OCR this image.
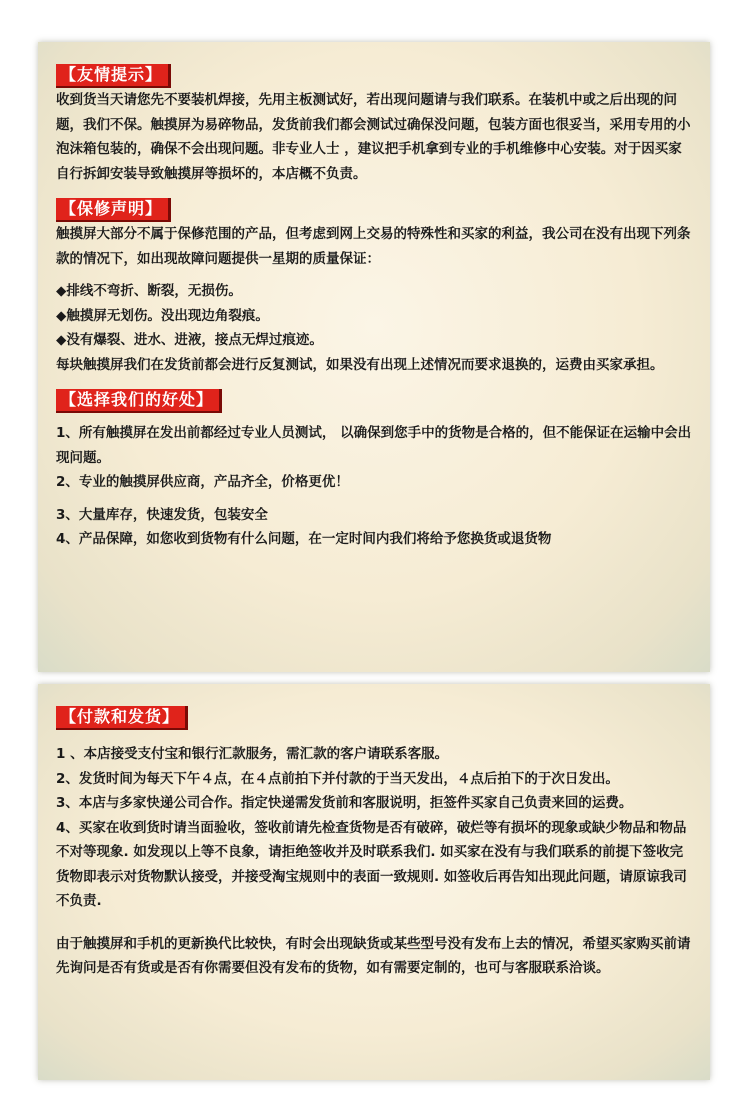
【友情提示】

收到货当天请您先不要装机焊接，先用主板测试好，若出现问题请与我们联系。在装机中或之后出现的问题，我们不保。触摸屏为易碎物品，发货前我们都会测试过确保没问题，包装方面也很妥当，采用专用的小泡沫箱包装的，确保不会出现问题。非专业人士 ，建议把手机拿到专业的手机维修中心安装。对于因买家自行拆卸安装导致触摸屏等损坏的，本店概不负责。

【保修声明】

触摸屏大部分不属于保修范围的产品，但考虑到网上交易的特殊性和买家的利益，我公司在没有出现下列条款的情况下，如出现故障问题提供一星期的质量保证：

◆排线不弯折、断裂，无损伤。

◆触摸屏无划伤。没出现边角裂痕。

◆没有爆裂、进水、进液，接点无焊过痕迹。

每块触摸屏我们在发货前都会进行反复测试，如果没有出现上述情况而要求退换的，运费由买家承担。

【选择我们的好处】

1、所有触摸屏在发出前都经过专业人员测试， 以确保到您手中的货物是合格的，但不能保证在运输中会出现问题。

2、专业的触摸屏供应商，产品齐全，价格更优！

3、大量库存，快速发货，包装安全

4、产品保障，如您收到货物有什么问题，在一定时间内我们将给予您换货或退货物

【付款和发货】

1 、本店接受支付宝和银行汇款服务，需汇款的客户请联系客服。

2、发货时间为每天下午４点，在４点前拍下并付款的于当天发出，４点后拍下的于次日发出。

3、本店与多家快递公司合作。指定快递需发货前和客服说明，拒签件买家自己负责来回的运费。

4、买家在收到货时请当面验收，签收前请先检查货物是否有破碎，破烂等有损坏的现象或缺少物品和物品不对等现象. 如发现以上等不良象，请拒绝签收并及时联系我们. 如买家在没有与我们联系的前提下签收完货物即表示对货物默认接受，并接受淘宝规则中的表面一致规则. 如签收后再告知出现此问题，请原谅我司不负责.

由于触摸屏和手机的更新换代比较快，有时会出现缺货或某些型号没有发布上去的情况，希望买家购买前请先询问是否有货或是否有你需要但没有发布的货物，如有需要定制的，也可与客服联系洽谈。
